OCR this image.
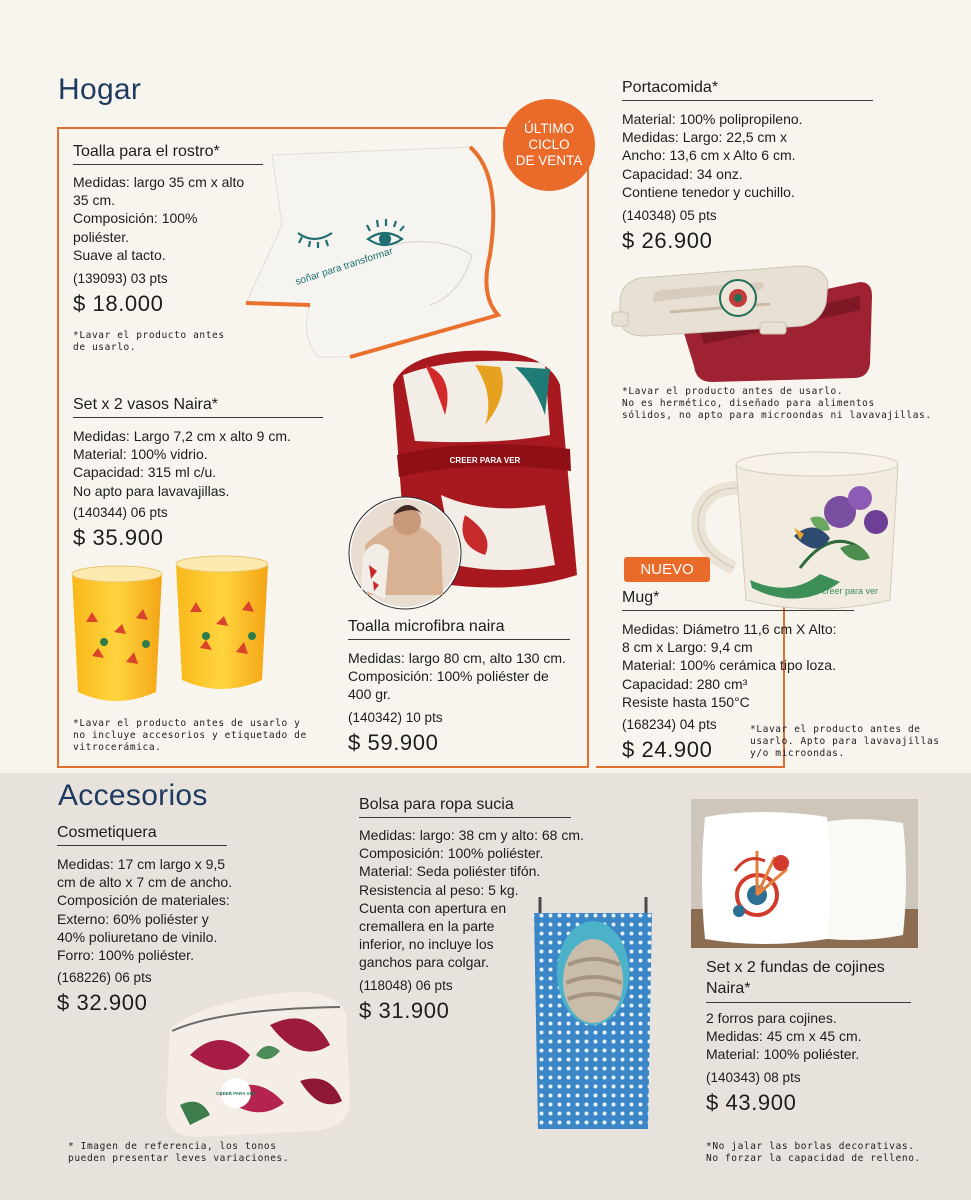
Hogar
ÚLTIMO
CICLO
DE VENTA
Toalla para el rostro*
Medidas: largo 35 cm x alto
35 cm.
Composición: 100%
poliéster.
Suave al tacto.
(139093) 03 pts
$ 18.000
*Lavar el producto antes
de usarlo.
soñar para transformar
Set x 2 vasos Naira*
Medidas: Largo 7,2 cm x alto 9 cm.
Material: 100% vidrio.
Capacidad: 315 ml c/u.
No apto para lavavajillas.
(140344) 06 pts
$ 35.900
*Lavar el producto antes de usarlo y
no incluye accesorios y etiquetado de
vitrocerámica.
CREER PARA VER
Toalla microfibra naira
Medidas: largo 80 cm, alto 130 cm.
Composición: 100% poliéster de
400 gr.
(140342) 10 pts
$ 59.900
Portacomida*
Material: 100% polipropileno.
Medidas: Largo: 22,5 cm x
Ancho: 13,6 cm x Alto 6 cm.
Capacidad: 34 onz.
Contiene tenedor y cuchillo.
(140348) 05 pts
$ 26.900
*Lavar el producto antes de usarlo.
No es hermético, diseñado para alimentos
sólidos, no apto para microondas ni lavavajillas.
creer para ver
NUEVO
Mug*
Medidas: Diámetro 11,6 cm X Alto:
8 cm x Largo: 9,4 cm
Material: 100% cerámica tipo loza.
Capacidad: 280 cm³
Resiste hasta 150°C
(168234) 04 pts
$ 24.900
*Lavar el producto antes de
usarlo. Apto para lavavajillas
y/o microondas.
Accesorios
Cosmetiquera
Medidas: 17 cm largo x 9,5
cm de alto x 7 cm de ancho.
Composición de materiales:
Externo: 60% poliéster y
40% poliuretano de vinilo.
Forro: 100% poliéster.
(168226) 06 pts
$ 32.900
CREER PARA VER
Bolsa para ropa sucia
Medidas: largo: 38 cm y alto: 68 cm.
Composición: 100% poliéster.
Material: Seda poliéster tifón.
Resistencia al peso: 5 kg.
Cuenta con apertura en
cremallera en la parte
inferior, no incluye los
ganchos para colgar.
(118048) 06 pts
$ 31.900
Set x 2 fundas de cojines
Naira*
2 forros para cojines.
Medidas: 45 cm x 45 cm.
Material: 100% poliéster.
(140343) 08 pts
$ 43.900
*No jalar las borlas decorativas.
No forzar la capacidad de relleno.
* Imagen de referencia, los tonos
pueden presentar leves variaciones.
